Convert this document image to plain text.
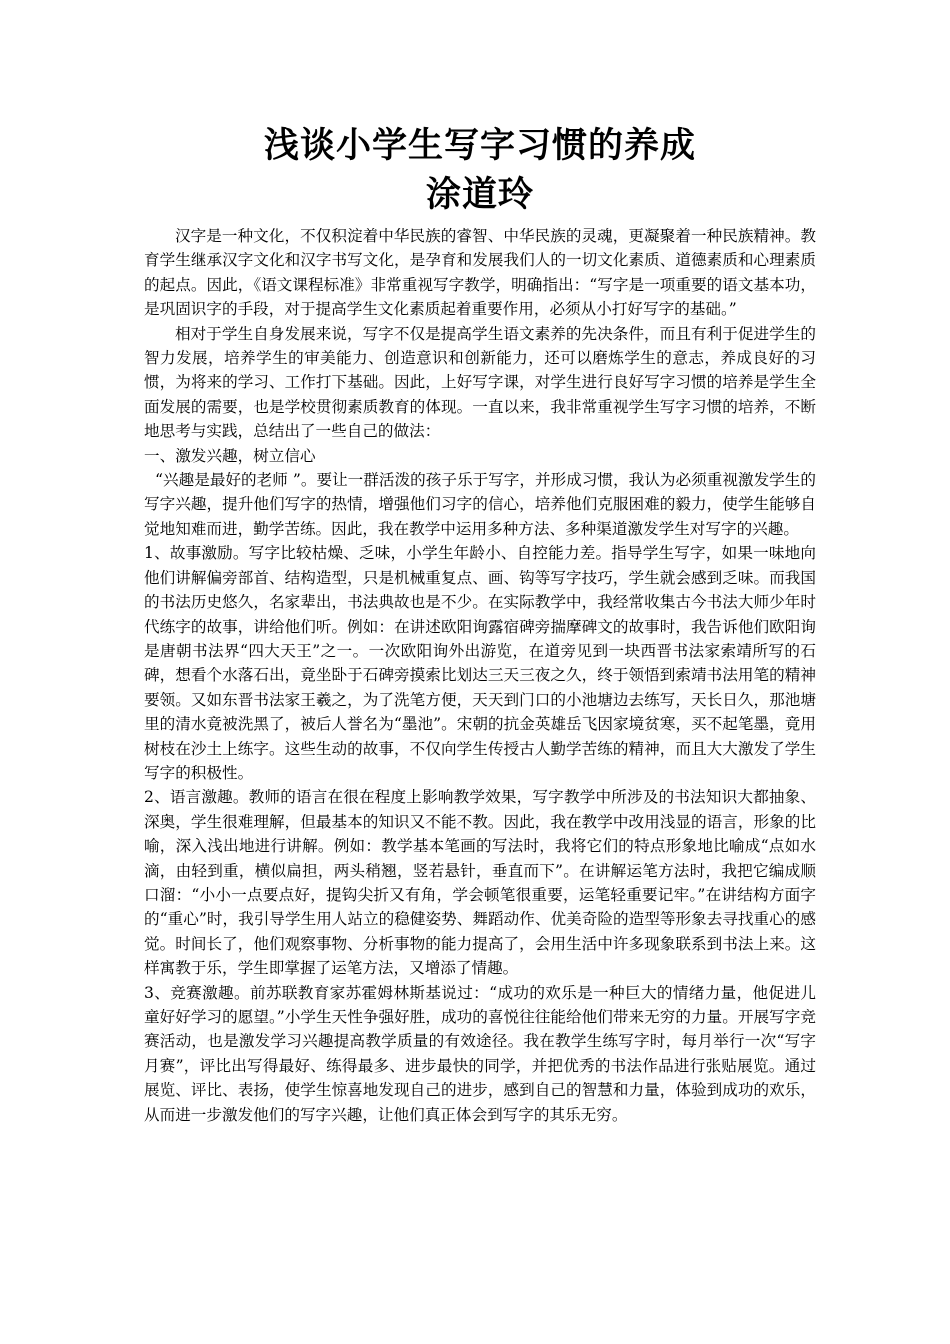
浅谈小学生写字习惯的养成
涂道玲

汉字是一种文化，不仅积淀着中华民族的睿智、中华民族的灵魂，更凝聚着一种民族精神。教育学生继承汉字文化和汉字书写文化，是孕育和发展我们人的一切文化素质、道德素质和心理素质的起点。因此，《语文课程标准》非常重视写字教学，明确指出：“写字是一项重要的语文基本功，是巩固识字的手段，对于提高学生文化素质起着重要作用，必须从小打好写字的基础。”

相对于学生自身发展来说，写字不仅是提高学生语文素养的先决条件，而且有利于促进学生的智力发展，培养学生的审美能力、创造意识和创新能力，还可以磨炼学生的意志，养成良好的习惯，为将来的学习、工作打下基础。因此，上好写字课，对学生进行良好写字习惯的培养是学生全面发展的需要，也是学校贯彻素质教育的体现。一直以来，我非常重视学生写字习惯的培养，不断地思考与实践，总结出了一些自己的做法：

一、激发兴趣，树立信心

“兴趣是最好的老师 ”。要让一群活泼的孩子乐于写字，并形成习惯，我认为必须重视激发学生的写字兴趣，提升他们写字的热情，增强他们习字的信心，培养他们克服困难的毅力，使学生能够自觉地知难而进，勤学苦练。因此，我在教学中运用多种方法、多种渠道激发学生对写字的兴趣。

1、故事激励。写字比较枯燥、乏味，小学生年龄小、自控能力差。指导学生写字，如果一味地向他们讲解偏旁部首、结构造型，只是机械重复点、画、钩等写字技巧，学生就会感到乏味。而我国的书法历史悠久，名家辈出，书法典故也是不少。在实际教学中，我经常收集古今书法大师少年时代练字的故事，讲给他们听。例如：在讲述欧阳询露宿碑旁揣摩碑文的故事时，我告诉他们欧阳询是唐朝书法界“四大天王”之一。一次欧阳询外出游览，在道旁见到一块西晋书法家索靖所写的石碑，想看个水落石出，竟坐卧于石碑旁摸索比划达三天三夜之久，终于领悟到索靖书法用笔的精神要领。又如东晋书法家王羲之，为了洗笔方便，天天到门口的小池塘边去练写，天长日久，那池塘里的清水竟被洗黑了，被后人誉名为“墨池”。宋朝的抗金英雄岳飞因家境贫寒，买不起笔墨，竟用树枝在沙土上练字。这些生动的故事，不仅向学生传授古人勤学苦练的精神，而且大大激发了学生写字的积极性。

2、语言激趣。教师的语言在很在程度上影响教学效果，写字教学中所涉及的书法知识大都抽象、深奥，学生很难理解，但最基本的知识又不能不教。因此，我在教学中改用浅显的语言，形象的比喻，深入浅出地进行讲解。例如：教学基本笔画的写法时，我将它们的特点形象地比喻成“点如水滴，由轻到重，横似扁担，两头稍翘，竖若悬针，垂直而下”。在讲解运笔方法时，我把它编成顺口溜：“小小一点要点好，提钩尖折又有角，学会顿笔很重要，运笔轻重要记牢。”在讲结构方面字的“重心”时，我引导学生用人站立的稳健姿势、舞蹈动作、优美奇险的造型等形象去寻找重心的感觉。时间长了，他们观察事物、分析事物的能力提高了，会用生活中许多现象联系到书法上来。这样寓教于乐，学生即掌握了运笔方法，又增添了情趣。

3、竞赛激趣。前苏联教育家苏霍姆林斯基说过：“成功的欢乐是一种巨大的情绪力量，他促进儿童好好学习的愿望。”小学生天性争强好胜，成功的喜悦往往能给他们带来无穷的力量。开展写字竞赛活动，也是激发学习兴趣提高教学质量的有效途径。我在教学生练写字时，每月举行一次“写字月赛”，评比出写得最好、练得最多、进步最快的同学，并把优秀的书法作品进行张贴展览。通过展览、评比、表扬，使学生惊喜地发现自己的进步，感到自己的智慧和力量，体验到成功的欢乐，从而进一步激发他们的写字兴趣，让他们真正体会到写字的其乐无穷。
